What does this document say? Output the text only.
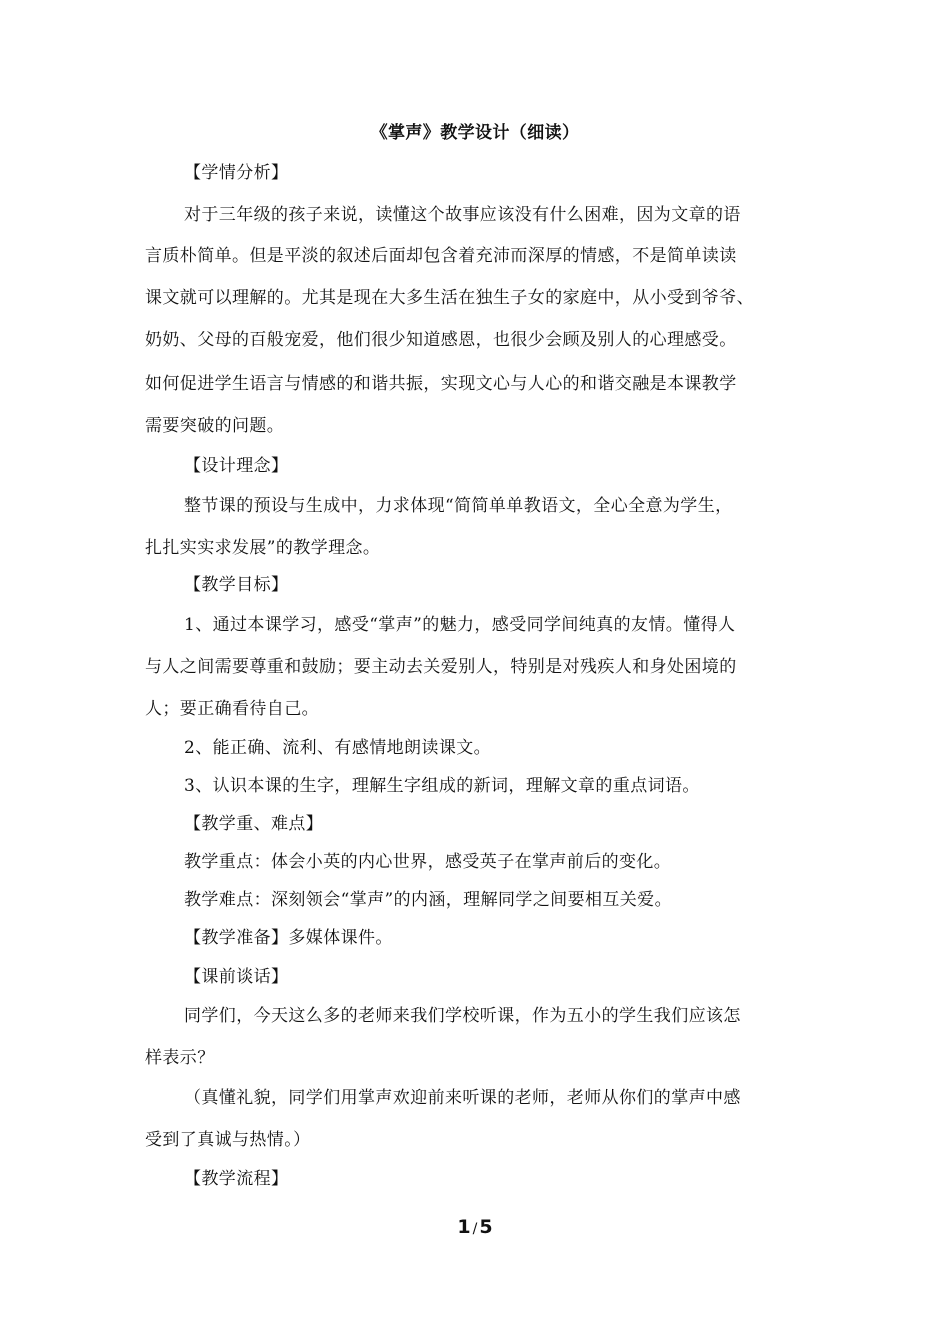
《掌声》教学设计（细读）
【学情分析】
对于三年级的孩子来说，读懂这个故事应该没有什么困难，因为文章的语
言质朴简单。但是平淡的叙述后面却包含着充沛而深厚的情感，不是简单读读
课文就可以理解的。尤其是现在大多生活在独生子女的家庭中，从小受到爷爷、
奶奶、父母的百般宠爱，他们很少知道感恩，也很少会顾及别人的心理感受。
如何促进学生语言与情感的和谐共振，实现文心与人心的和谐交融是本课教学
需要突破的问题。
【设计理念】
整节课的预设与生成中，力求体现“简简单单教语文，全心全意为学生，
扎扎实实求发展”的教学理念。
【教学目标】
1、通过本课学习，感受“掌声”的魅力，感受同学间纯真的友情。懂得人
与人之间需要尊重和鼓励；要主动去关爱别人，特别是对残疾人和身处困境的
人；要正确看待自己。
2、能正确、流利、有感情地朗读课文。
3、认识本课的生字，理解生字组成的新词，理解文章的重点词语。
【教学重、难点】
教学重点：体会小英的内心世界，感受英子在掌声前后的变化。
教学难点：深刻领会“掌声”的内涵，理解同学之间要相互关爱。
【教学准备】多媒体课件。
【课前谈话】
同学们，今天这么多的老师来我们学校听课，作为五小的学生我们应该怎
样表示？
（真懂礼貌，同学们用掌声欢迎前来听课的老师，老师从你们的掌声中感
受到了真诚与热情。）
【教学流程】
1 / 5
